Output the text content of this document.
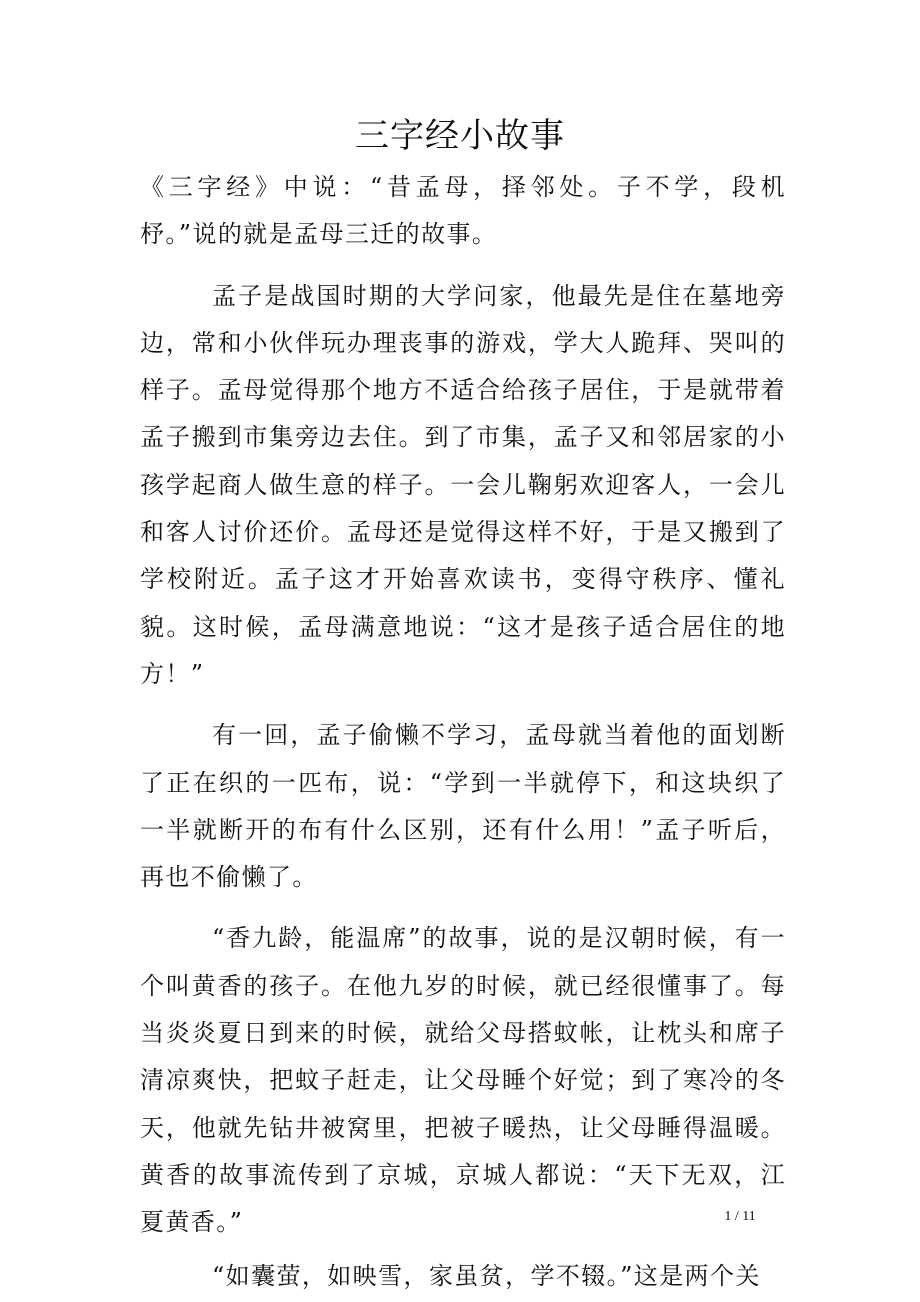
三字经小故事

《三字经》中说：“昔孟母，择邻处。子不学，段机杼。”说的就是孟母三迁的故事。

孟子是战国时期的大学问家，他最先是住在墓地旁边，常和小伙伴玩办理丧事的游戏，学大人跪拜、哭叫的样子。孟母觉得那个地方不适合给孩子居住，于是就带着孟子搬到市集旁边去住。到了市集，孟子又和邻居家的小孩学起商人做生意的样子。一会儿鞠躬欢迎客人，一会儿和客人讨价还价。孟母还是觉得这样不好，于是又搬到了学校附近。孟子这才开始喜欢读书，变得守秩序、懂礼貌。这时候，孟母满意地说：“这才是孩子适合居住的地方！”

有一回，孟子偷懒不学习，孟母就当着他的面划断了正在织的一匹布，说：“学到一半就停下，和这块织了一半就断开的布有什么区别，还有什么用！”孟子听后，再也不偷懒了。

“香九龄，能温席”的故事，说的是汉朝时候，有一个叫黄香的孩子。在他九岁的时候，就已经很懂事了。每当炎炎夏日到来的时候，就给父母搭蚊帐，让枕头和席子清凉爽快，把蚊子赶走，让父母睡个好觉；到了寒冷的冬天，他就先钻井被窝里，把被子暖热，让父母睡得温暖。黄香的故事流传到了京城，京城人都说：“天下无双，江夏黄香。”

“如囊萤，如映雪，家虽贫，学不辍。”这是两个关

1 / 11
